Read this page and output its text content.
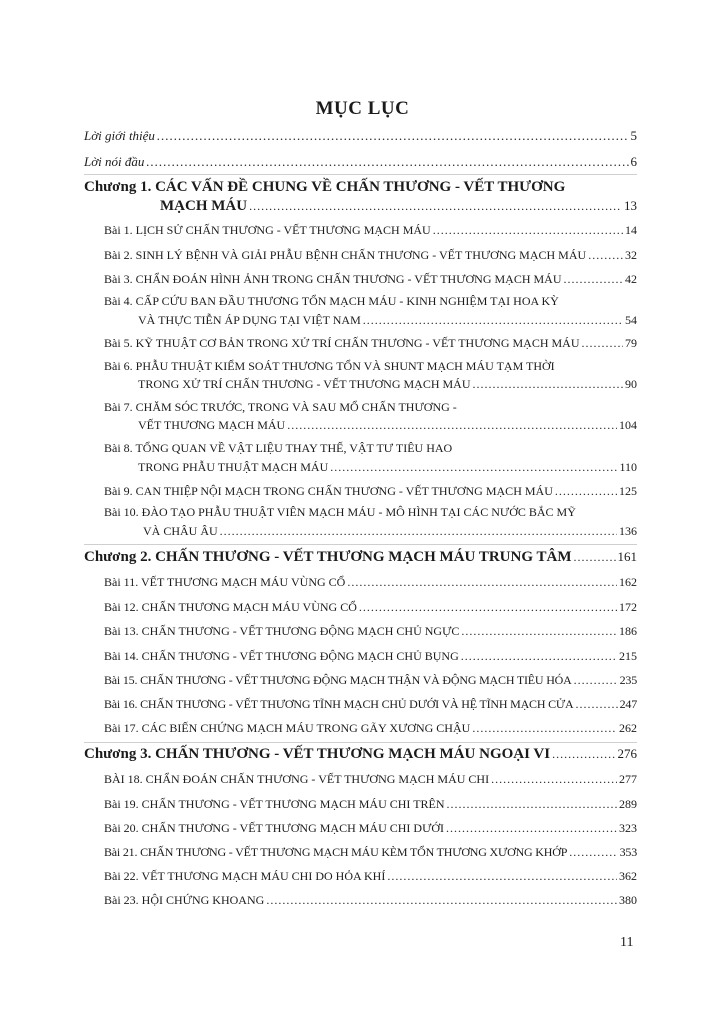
MỤC LỤC
Lời giới thiệu .....	5
Lời nói đầu .....	6
Chương 1. CÁC VẤN ĐỀ CHUNG VỀ CHẤN THƯƠNG - VẾT THƯƠNG
MẠCH MÁU .....	13
Bài 1. LỊCH SỬ CHẤN THƯƠNG - VẾT THƯƠNG MẠCH MÁU .....	14
Bài 2. SINH LÝ BỆNH VÀ GIẢI PHẪU BỆNH CHẤN THƯƠNG - VẾT THƯƠNG MẠCH MÁU .....	32
Bài 3. CHẨN ĐOÁN HÌNH ẢNH TRONG CHẤN THƯƠNG - VẾT THƯƠNG MẠCH MÁU .....	42
Bài 4. CẤP CỨU BAN ĐẦU THƯƠNG TỔN MẠCH MÁU - KINH NGHIỆM TẠI HOA KỲ
VÀ THỰC TIỄN ÁP DỤNG TẠI VIỆT NAM .....	54
Bài 5. KỸ THUẬT CƠ BẢN TRONG XỬ TRÍ CHẤN THƯƠNG - VẾT THƯƠNG MẠCH MÁU .....	79
Bài 6. PHẪU THUẬT KIỂM SOÁT THƯƠNG TỔN VÀ SHUNT MẠCH MÁU TẠM THỜI
TRONG XỬ TRÍ CHẤN THƯƠNG - VẾT THƯƠNG MẠCH MÁU .....	90
Bài 7. CHĂM SÓC TRƯỚC, TRONG VÀ SAU MỔ CHẤN THƯƠNG -
VẾT THƯƠNG MẠCH MÁU .....	104
Bài 8. TỔNG QUAN VỀ VẬT LIỆU THAY THẾ, VẬT TƯ TIÊU HAO
TRONG PHẪU THUẬT MẠCH MÁU .....	110
Bài 9. CAN THIỆP NỘI MẠCH TRONG CHẤN THƯƠNG - VẾT THƯƠNG MẠCH MÁU .....	125
Bài 10. ĐÀO TẠO PHẪU THUẬT VIÊN MẠCH MÁU - MÔ HÌNH TẠI CÁC NƯỚC BẮC MỸ
VÀ CHÂU ÂU .....	136
Chương 2. CHẤN THƯƠNG - VẾT THƯƠNG MẠCH MÁU TRUNG TÂM .....	161
Bài 11. VẾT THƯƠNG MẠCH MÁU VÙNG CỔ .....	162
Bài 12. CHẤN THƯƠNG MẠCH MÁU VÙNG CỔ .....	172
Bài 13. CHẤN THƯƠNG - VẾT THƯƠNG ĐỘNG MẠCH CHỦ NGỰC .....	186
Bài 14. CHẤN THƯƠNG - VẾT THƯƠNG ĐỘNG MẠCH CHỦ BỤNG .....	215
Bài 15. CHẤN THƯƠNG - VẾT THƯƠNG ĐỘNG MẠCH THẬN VÀ ĐỘNG MẠCH TIÊU HÓA .....	235
Bài 16. CHẤN THƯƠNG - VẾT THƯƠNG TĨNH MẠCH CHỦ DƯỚI VÀ HỆ TĨNH MẠCH CỬA .....	247
Bài 17. CÁC BIẾN CHỨNG MẠCH MÁU TRONG GÃY XƯƠNG CHẬU .....	262
Chương 3. CHẤN THƯƠNG - VẾT THƯƠNG MẠCH MÁU NGOẠI VI .....	276
BÀI 18. CHẨN ĐOÁN CHẤN THƯƠNG - VẾT THƯƠNG MẠCH MÁU CHI .....	277
Bài 19. CHẤN THƯƠNG - VẾT THƯƠNG MẠCH MÁU CHI TRÊN .....	289
Bài 20. CHẤN THƯƠNG - VẾT THƯƠNG MẠCH MÁU CHI DƯỚI .....	323
Bài 21. CHẤN THƯƠNG - VẾT THƯƠNG MẠCH MÁU KÈM TỔN THƯƠNG XƯƠNG KHỚP .....	353
Bài 22. VẾT THƯƠNG MẠCH MÁU CHI DO HỎA KHÍ .....	362
Bài 23. HỘI CHỨNG KHOANG .....	380
11
